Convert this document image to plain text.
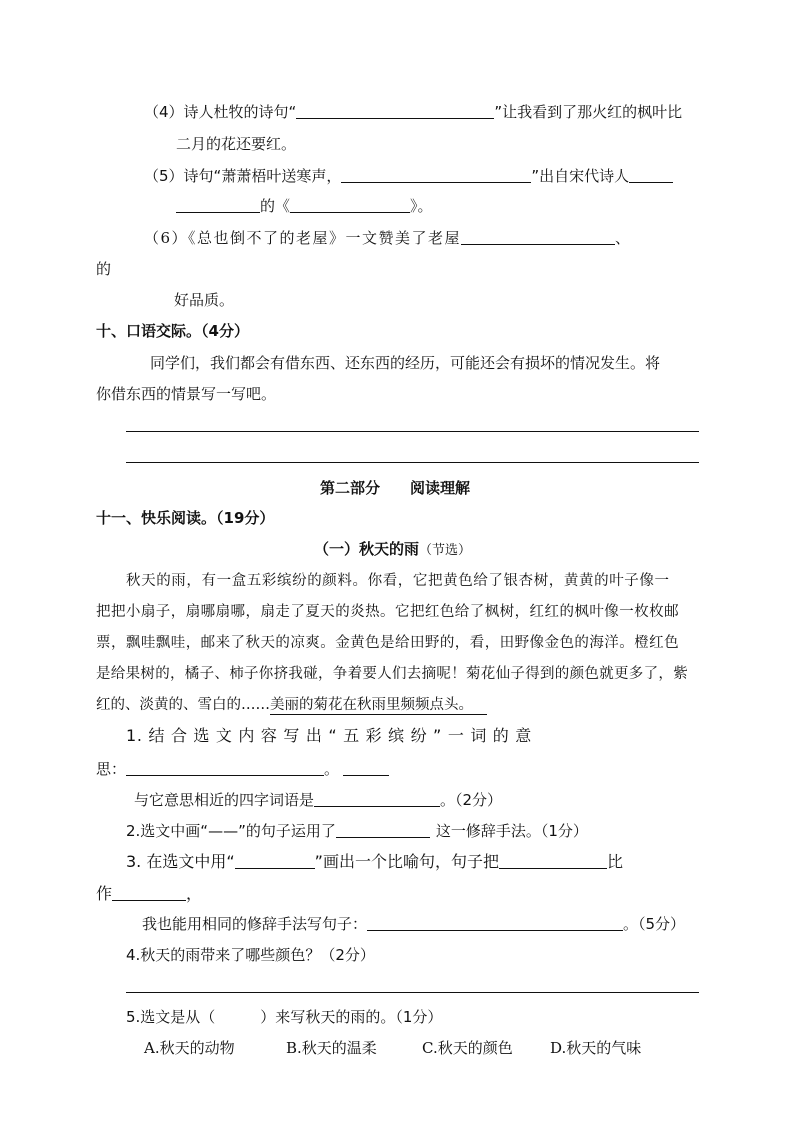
（4）诗人杜牧的诗句“	”让我看到了那火红的枫叶比
二月的花还要红。
（5）诗句“萧萧梧叶送寒声，	”出自宋代诗人
的《	》。
（6）《总也倒不了的老屋》一文赞美了老屋	、
的
好品质。
十、口语交际。（4分）
同学们，我们都会有借东西、还东西的经历，可能还会有损坏的情况发生。将
你借东西的情景写一写吧。
第二部分 阅读理解
十一、快乐阅读。（19分）
（一）秋天的雨（节选）
秋天的雨，有一盒五彩缤纷的颜料。你看，它把黄色给了银杏树，黄黄的叶子像一
把把小扇子，扇哪扇哪，扇走了夏天的炎热。它把红色给了枫树，红红的枫叶像一枚枚邮
票，飘哇飘哇，邮来了秋天的凉爽。金黄色是给田野的，看，田野像金色的海洋。橙红色
是给果树的，橘子、柿子你挤我碰，争着要人们去摘呢！菊花仙子得到的颜色就更多了，紫
红的、淡黄的、雪白的……美丽的菊花在秋雨里频频点头。
1. 结 合 选 文 内 容 写 出 “ 五 彩 缤 纷 ” 一 词 的 意
思：	。
与它意思相近的四字词语是	。（2分）
2.选文中画“——”的句子运用了	这一修辞手法。（1分）
3. 在选文中用“	”画出一个比喻句，句子把	比
作	，
我也能用相同的修辞手法写句子：	。（5分）
4.秋天的雨带来了哪些颜色？（2分）
5.选文是从（　　　）来写秋天的雨的。（1分）
A.秋天的动物	B.秋天的温柔	C.秋天的颜色 D.秋天的气味
